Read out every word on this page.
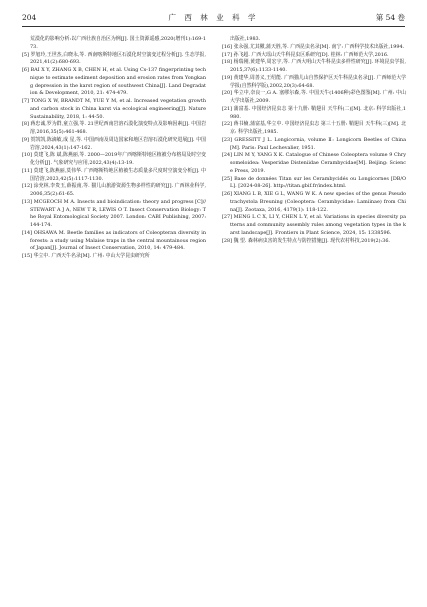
204	广 西 林 业 科 学	第 54 卷

荒漠化的影响分析:以广西壮族自治区为例[J]. 国土资源遥感,2020(增刊1):169-173.

[5] 罗旭玲,王世杰,白晓永,等. 西南喀斯特地区石漠化时空演变过程分析[J]. 生态学报,2021,41(2):680-693.

[6] BAI X Y, ZHANG X B, CHEN H, et al. Using Cs-137 fingerprinting technique to estimate sediment deposition and erosion rates from Yongkang depression in the karst region of southwest China[J]. Land Degradation & Development, 2010, 21: 474-479.

[7] TONG X W, BRANDT M, YUE Y M, et al. Increased vegetation growth and carbon stock in China karst via ecological engineering[J]. Nature Sustainability, 2018, 1: 44-50.

[8] 蒋忠诚,罗为群,童立强,等. 21世纪西南岩溶石漠化演变特点及影响因素[J]. 中国岩溶,2016,35(5):461-468.

[9] 贺凯凯,陈滴敏,成 星,等. 中国西南及周边国家和地区岩溶石漠化研究进展[J]. 中国岩溶,2024,43(1):147-162.

[10] 莫建飞,陈 斌,陈燕丽,等. 2000—2019年广西喀斯特地区植被分布格局及时空变化分析[J]. 气象研究与应用,2022,43(4):13-19.

[11] 莫建飞,陈燕丽,莫伟华. 广西喀斯特地区植被生态质量多尺度时空演变分析[J]. 中国岩溶,2023,42(5):1117-1130.

[12] 涂充林,李贵玉,薛振南,等. 猫儿山旅游资源生物多样性的研究[J]. 广西林业科学,2006,35(2):61-65.

[13] MCGEOCH M A. Insects and bioindication: theory and progress [C]// STEWART A J A, NEW T R, LEWIS O T. Insect Conservation Biology: The Royal Entomological Society 2007. London: CABI Publishing, 2007: 144-174.

[14] OHSAWA M. Beetle families as indicators of Coleopteran diversity in forests: a study using Malaise traps in the central mountainous region of Japan[J]. Journal of Insect Conservation, 2010, 14: 479-484.

[15] 华立中. 广西天牛名录[M]. 广州: 中山大学昆虫研究所

出版社,1983.

[16] 张永强,尤其儆,蒲天胜,等. 广西昆虫名录[M]. 南宁: 广西科学技术出版社,1994.

[17] 孙飞超. 广西大瑶山天牛科昆虫区系研究[D]. 桂林: 广西师范大学,2016.

[18] 杨瑞刚,黄建华,周宏宇,等. 广西大明山天牛科昆虫多样性研究[J]. 环境昆虫学报,2015,37(6):1133-1140.

[19] 黄建华,周善义,王绍能. 广西猫儿山自然保护区天牛科昆虫名录[J]. 广西师范大学学报(自然科学版),2002,20(3):64-68.

[20] 华立中,奈良一,G A. 塞缪尔森,等. 中国天牛(1406种)彩色图鉴[M]. 广州: 中山大学出版社,2009.

[21] 蒲富基. 中国经济昆虫志 第十九册: 鞘翅目 天牛科(二)[M]. 北京: 科学出版社,1980.

[22] 蒋书楠,蒲富基,华立中. 中国经济昆虫志 第三十五册: 鞘翅目 天牛科(三)[M]. 北京: 科学出版社,1985.

[23] GRESSITT J L. Longicornia, volume Ⅱ: Longicorn Beetles of China[M]. Paris: Paul Lechevalier, 1951.

[24] LIN M Y, YANG X K. Catalogue of Chinese Coleoptera volume 9 Chrysomeloidea: Vesperidae Disteniidae Cerambycidae[M]. Beijing: Science Press, 2019.

[25] Base de données Titan sur les Cerambycidés ou Longicornes [DB/OL]. [2024-08-26]. http://titan.gbif.fr/index.html.

[26] XIANG L B, XIE G L, WANG W K. A new species of the genus Pseudotrachystola Breuning (Coleoptera: Cerambycidae: Lamiinae) from China[J]. Zootaxa, 2016, 4179(1): 118-122.

[27] MENG L C X, LI Y, CHEN L Y, et al. Variations in species diversity patterns and community assembly rules among vegetation types in the karst landscape[J]. Frontiers in Plant Science, 2024, 15: 1338596.

[28] 魏 望. 森林病虫害的发生特点与防控措施[J]. 现代农村科技,2019(2):36.
